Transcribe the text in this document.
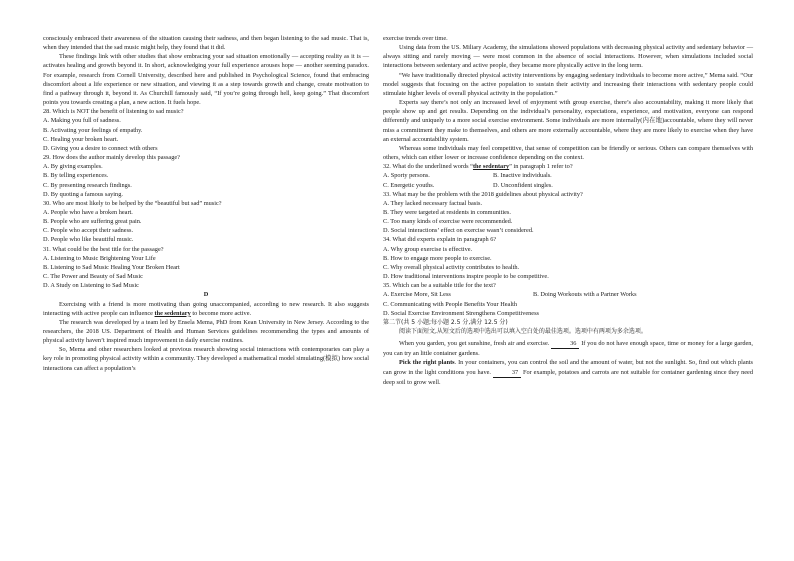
consciously embraced their awareness of the situation causing their sadness, and then began listening to the sad music. That is, when they intended that the sad music might help, they found that it did.

These findings link with other studies that show embracing your sad situation emotionally — accepting reality as it is — activates healing and growth beyond it. In short, acknowledging your full experience arouses hope — another seeming paradox. For example, research from Cornell University, described here and published in Psychological Science, found that embracing discomfort about a life experience or new situation, and viewing it as a step towards growth and change, create motivation to find a pathway through it, beyond it. As Churchill famously said, “If you’re going through hell, keep going.” That discomfort points you towards creating a plan, a new action. It fuels hope.

28. Which is NOT the benefit of listening to sad music?

A. Making you full of sadness.

B. Activating your feelings of empathy.

C. Healing your broken heart.

D. Giving you a desire to connect with others

29. How does the author mainly develop this passage?

A. By giving examples.

B. By telling experiences.

C. By presenting research findings.

D. By quoting a famous saying.

30. Who are most likely to be helped by the “beautiful but sad” music?

A. People who have a broken heart.

B. People who are suffering great pain.

C. People who accept their sadness.

D. People who like beautiful music.

31. What could be the best title for the passage?

A. Listening to Music Brightening Your Life

B. Listening to Sad Music Healing Your Broken Heart

C. The Power and Beauty of Sad Music

D. A Study on Listening to Sad Music

D

Exercising with a friend is more motivating than going unaccompanied, according to new research. It also suggests interacting with active people can influence the sedentary to become more active.

The research was developed by a team led by Ensela Mema, PhD from Kean University in New Jersey. According to the researchers, the 2018 US. Department of Health and Human Services guidelines recommending the types and amounts of physical activity haven’t inspired much improvement in daily exercise routines.

So, Mema and other researchers looked at previous research showing social interactions with contemporaries can play a key role in promoting physical activity within a community. They developed a mathematical model simulating(模拟) how social interactions can affect a population’s

exercise trends over time.

Using data from the US. Miliary Academy, the simulations showed populations with decreasing physical activity and sedentary behavior — always sitting and rarely moving — were most common in the absence of social interactions. However, when simulations included social interactions between sedentary and active people, they became more physically active in the long term.

“We have traditionally directed physical activity interventions by engaging sedentary individuals to become more active,” Mema said. “Our model suggests that focusing on the active population to sustain their activity and increasing their interactions with sedentary people could stimulate higher levels of overall physical activity in the population.”

Experts say there’s not only an increased level of enjoyment with group exercise, there’s also accountability, making it more likely that people show up and get results. Depending on the individual’s personality, expectations, experience, and motivation, everyone can respond differently and uniquely to a more social exercise environment. Some individuals are more internally(内在地)accountable, where they will never miss a commitment they make to themselves, and others are more externally accountable, where they are more likely to exercise when they have an external accountability system.

Whereas some individuals may feel competitive, that sense of competition can be friendly or serious. Others can compare themselves with others, which can either lower or increase confidence depending on the context.

32. What do the underlined words “the sedentary” in paragraph 1 refer to?

A. Sporty persons.	B. Inactive individuals.
C. Energetic youths.	D. Unconfident singles.

33. What may be the problem with the 2018 guidelines about physical activity?

A. They lacked necessary factual basis.

B. They were targeted at residents in communities.

C. Too many kinds of exercise were recommended.

D. Social interactions’ effect on exercise wasn’t considered.

34. What did experts explain in paragraph 6?

A. Why group exercise is effective.

B. How to engage more people to exercise.

C. Why overall physical activity contributes to health.

D. How traditional interventions inspire people to be competitive.

35. Which can be a suitable title for the text?

A. Exercise More, Sit Less	B. Doing Workouts with a Partner Works

C. Communicating with People Benefits Your Health

D. Social Exercise Environment Strengthens Competitiveness

第二节(共 5 小题;每小题 2.5 分,满分 12.5 分)

阅读下面短文,从短文后的选项中选出可以填入空白处的最佳选项。选项中有两项为多余选项。

When you garden, you get sunshine, fresh air and exercise.	36 If you do not have enough space, time or money for a large garden, you can try an little container gardens.

Pick the right plants. In your containers, you can control the soil and the amount of water, but not the sunlight. So, find out which plants can grow in the light conditions you have.	37 For example, potatoes and carrots are not suitable for container gardening since they need deep soil to grow well.
